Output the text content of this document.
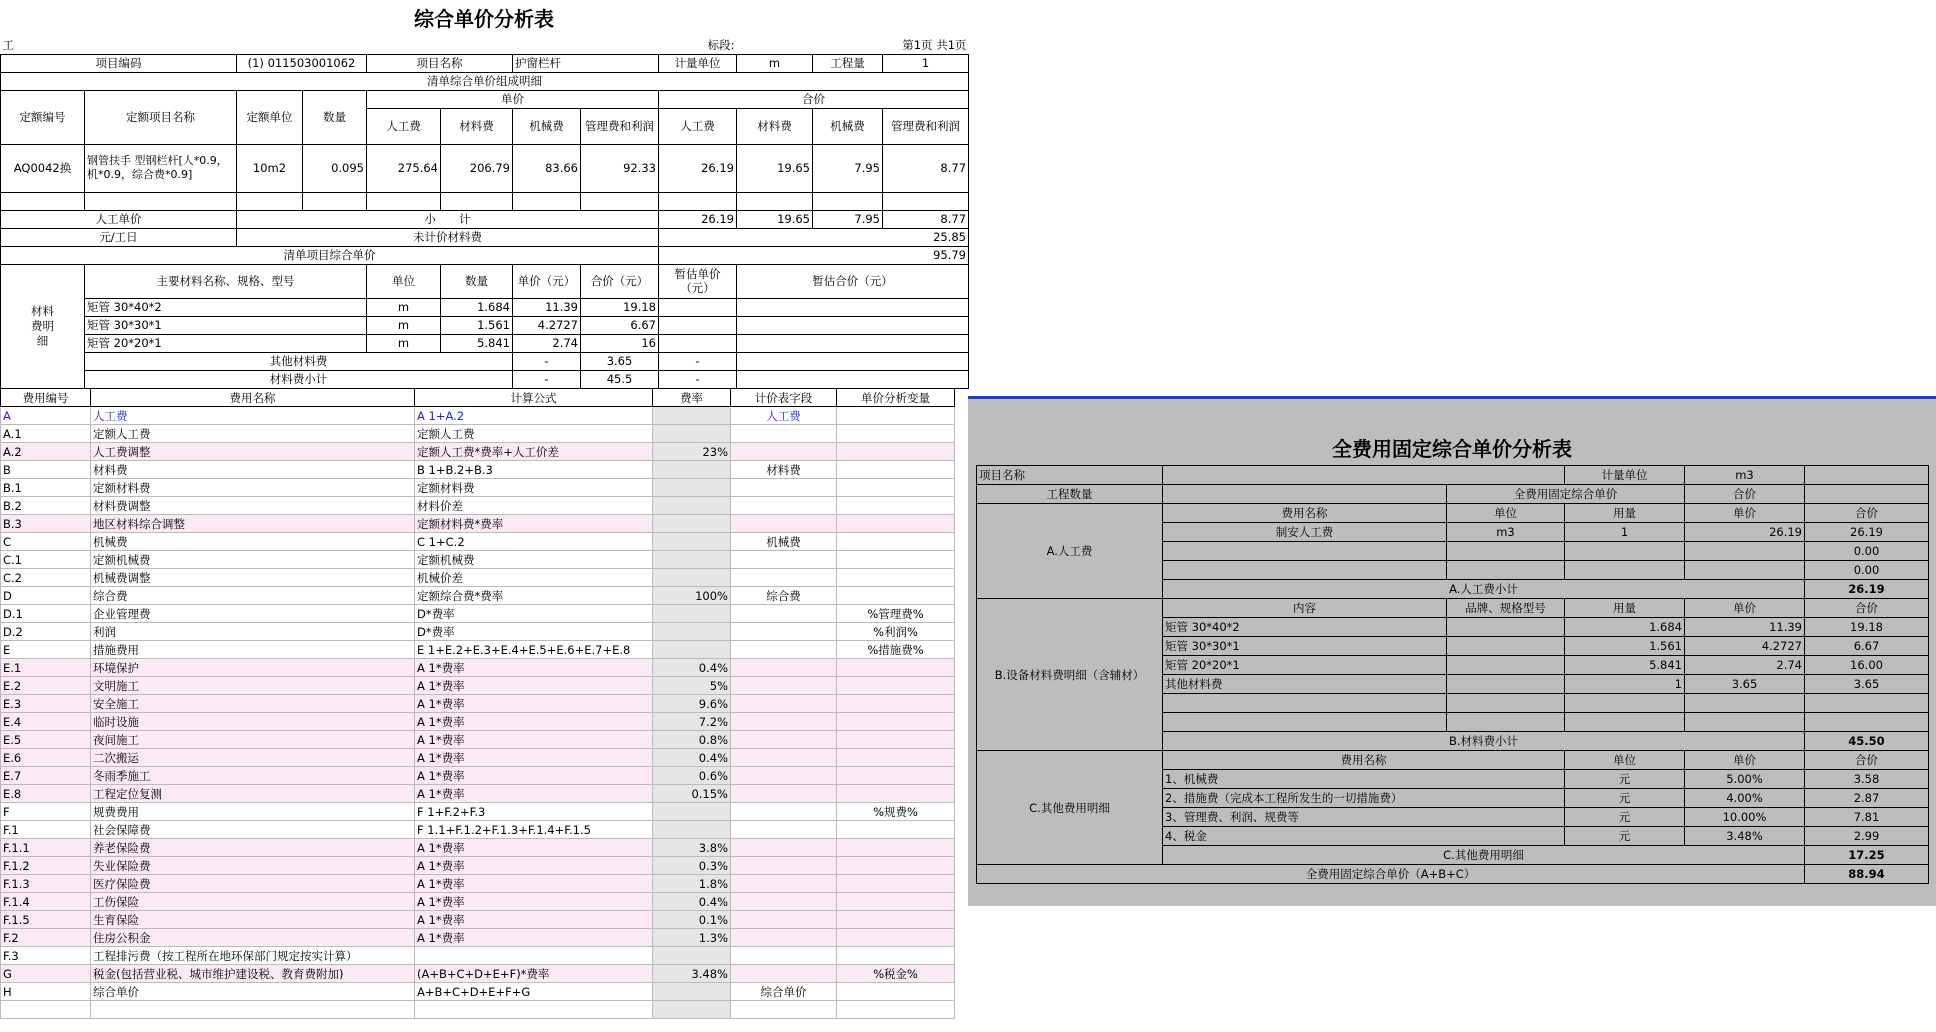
综合单价分析表
工								标段:		第1页 共1页	
项目编码		(1) 011503001062		项目名称		护窗栏杆		计量单位	m	工程量	1
清单综合单价组成明细											
定额编号	定额项目名称	定额单位	数量	单价				合价			
				人工费	材料费	机械费	管理费和利润	人工费	材料费	机械费	管理费和利润
AQ0042换	钢管扶手 型钢栏杆[人*0.9，机*0.9，综合费*0.9]	10m2	0.095	275.64	206.79	83.66	92.33	26.19	19.65	7.95	8.77

人工单价		小　　计						26.19	19.65	7.95	8.77
元/工日		未计价材料费						25.85			
清单项目综合单价								95.79			
材料费明细	主要材料名称、规格、型号			单位	数量	单价（元）	合价（元）	暂估单价（元）	暂估合价（元）		
	矩管 30*40*2			m	1.684	11.39	19.18				
	矩管 30*30*1			m	1.561	4.2727	6.67				
	矩管 20*20*1			m	5.841	2.74	16				
	其他材料费					-	3.65	-			
	材料费小计					-	45.5	-			
费用编号	费用名称	计算公式	费率	计价表字段	单价分析变量
A	人工费	A 1+A.2		人工费	
A.1	定额人工费	定额人工费			
A.2	人工费调整	定额人工费*费率+人工价差	23%		
B	材料费	B 1+B.2+B.3		材料费	
B.1	定额材料费	定额材料费			
B.2	材料费调整	材料价差			
B.3	地区材料综合调整	定额材料费*费率			
C	机械费	C 1+C.2		机械费	
C.1	定额机械费	定额机械费			
C.2	机械费调整	机械价差			
D	综合费	定额综合费*费率	100%	综合费	
D.1	企业管理费	D*费率			%管理费%
D.2	利润	D*费率			%利润%
E	措施费用	E 1+E.2+E.3+E.4+E.5+E.6+E.7+E.8			%措施费%
E.1	环境保护	A 1*费率	0.4%		
E.2	文明施工	A 1*费率	5%		
E.3	安全施工	A 1*费率	9.6%		
E.4	临时设施	A 1*费率	7.2%		
E.5	夜间施工	A 1*费率	0.8%		
E.6	二次搬运	A 1*费率	0.4%		
E.7	冬雨季施工	A 1*费率	0.6%		
E.8	工程定位复测	A 1*费率	0.15%		
F	规费费用	F 1+F.2+F.3			%规费%
F.1	社会保障费	F 1.1+F.1.2+F.1.3+F.1.4+F.1.5			
F.1.1	养老保险费	A 1*费率	3.8%		
F.1.2	失业保险费	A 1*费率	0.3%		
F.1.3	医疗保险费	A 1*费率	1.8%		
F.1.4	工伤保险	A 1*费率	0.4%		
F.1.5	生育保险	A 1*费率	0.1%		
F.2	住房公积金	A 1*费率	1.3%		
F.3	工程排污费（按工程所在地环保部门规定按实计算）				
G	税金(包括营业税、城市维护建设税、教育费附加)	(A+B+C+D+E+F)*费率	3.48%		%税金%
H	综合单价	A+B+C+D+E+F+G		综合单价	

全费用固定综合单价分析表
项目名称			计量单位	m3	
工程数量		全费用固定综合单价		合价	
A.人工费	费用名称	单位	用量	单价	合价
	制安人工费	m3	1	26.19	26.19
					0.00
					0.00
	A.人工费小计				26.19
B.设备材料费明细（含辅材）	内容	品牌、规格型号	用量	单价	合价
	矩管 30*40*2		1.684	11.39	19.18
	矩管 30*30*1		1.561	4.2727	6.67
	矩管 20*20*1		5.841	2.74	16.00
	其他材料费		1	3.65	3.65

	B.材料费小计				45.50
C.其他费用明细	费用名称		单位	单价	合价
	1、机械费		元	5.00%	3.58
	2、措施费（完成本工程所发生的一切措施费）		元	4.00%	2.87
	3、管理费、利润、规费等		元	10.00%	7.81
	4、税金		元	3.48%	2.99
	C.其他费用明细				17.25
全费用固定综合单价（A+B+C）					88.94
